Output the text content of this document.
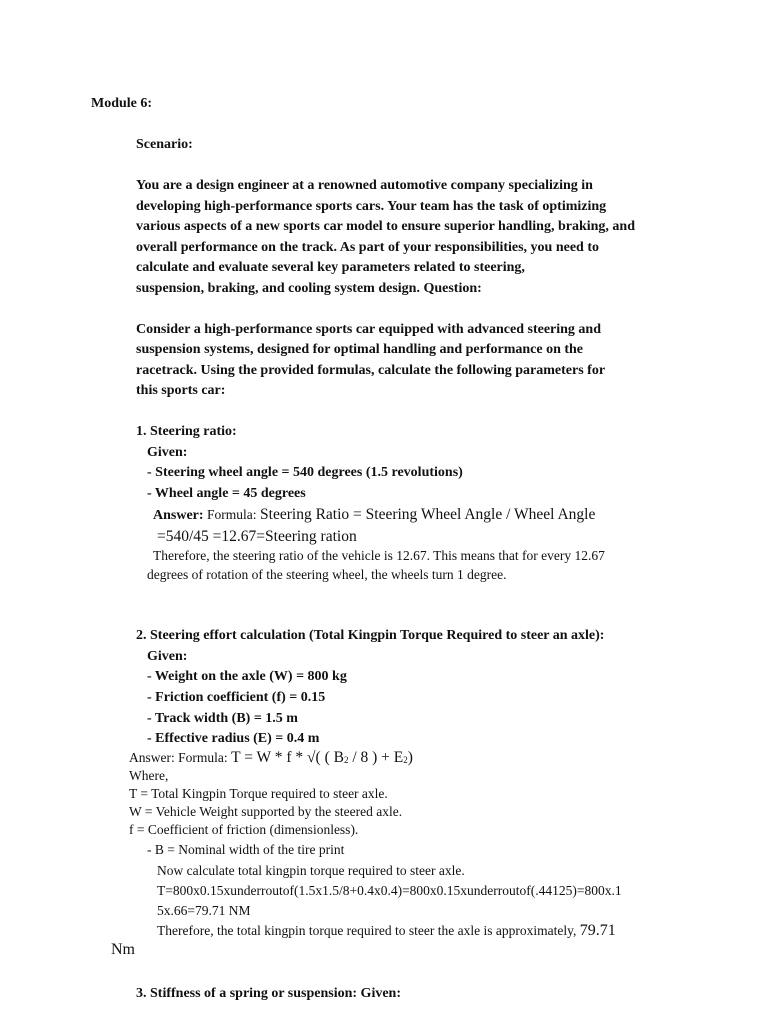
Module 6:
Scenario:
You are a design engineer at a renowned automotive company specializing in
developing high-performance sports cars. Your team has the task of optimizing
various aspects of a new sports car model to ensure superior handling, braking, and
overall performance on the track. As part of your responsibilities, you need to
calculate and evaluate several key parameters related to steering,
suspension, braking, and cooling system design. Question:
Consider a high-performance sports car equipped with advanced steering and
suspension systems, designed for optimal handling and performance on the
racetrack. Using the provided formulas, calculate the following parameters for
this sports car:
1. Steering ratio:
Given:
- Steering wheel angle = 540 degrees (1.5 revolutions)
- Wheel angle = 45 degrees
Answer: Formula: Steering Ratio = Steering Wheel Angle / Wheel Angle
=540/45 =12.67=Steering ration
Therefore, the steering ratio of the vehicle is 12.67. This means that for every 12.67
degrees of rotation of the steering wheel, the wheels turn 1 degree.
2. Steering effort calculation (Total Kingpin Torque Required to steer an axle):
Given:
- Weight on the axle (W) = 800 kg
- Friction coefficient (f) = 0.15
- Track width (B) = 1.5 m
- Effective radius (E) = 0.4 m
Answer: Formula: T = W * f * √( ( B2 / 8 ) + E2)
Where,
T = Total Kingpin Torque required to steer axle.
W = Vehicle Weight supported by the steered axle.
f = Coefficient of friction (dimensionless).
- B = Nominal width of the tire print
Now calculate total kingpin torque required to steer axle.
T=800x0.15xunderroutof(1.5x1.5/8+0.4x0.4)=800x0.15xunderroutof(.44125)=800x.1
5x.66=79.71 NM
Therefore, the total kingpin torque required to steer the axle is approximately, 79.71
Nm
3. Stiffness of a spring or suspension: Given:
